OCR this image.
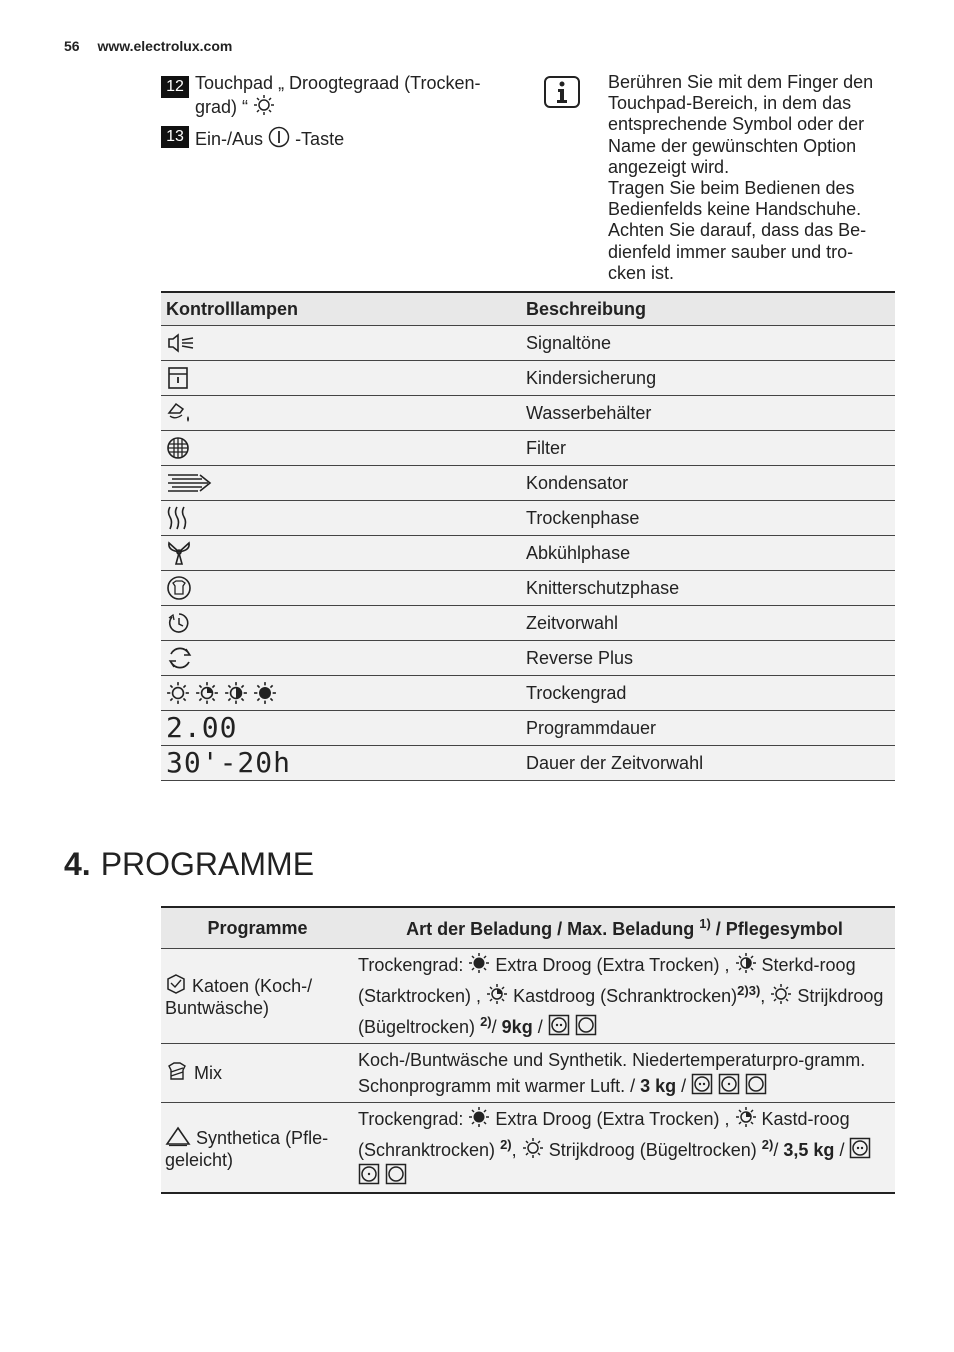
56 www.electrolux.com
12 Touchpad „ Droogtegraad (Trocken-grad) “
13 Ein-/Aus -Taste
Berühren Sie mit dem Finger den
Touchpad-Bereich, in dem das
entsprechende Symbol oder der
Name der gewünschten Option
angezeigt wird.
Tragen Sie beim Bedienen des
Bedienfelds keine Handschuhe.
Achten Sie darauf, dass das Be-
dienfeld immer sauber und tro-
cken ist.
Kontrolllampen	Beschreibung
	Signaltöne
	Kindersicherung
	Wasserbehälter
	Filter
	Kondensator
	Trockenphase
	Abkühlphase
	Knitterschutzphase
	Zeitvorwahl
	Reverse Plus
	Trockengrad
2.00	Programmdauer
30'-20h	Dauer der Zeitvorwahl
4. PROGRAMME
Programme	Art der Beladung / Max. Beladung $^{1)}$ / Pflegesymbol
Katoen (Koch-/ Buntwäsche)	Trockengrad: Extra Droog (Extra Trocken) , Sterkd-roog (Starktrocken) , Kastdroog (Schranktrocken)$^{2)3)}$, Strijkdroog (Bügeltrocken) $^{2)}$/ 9kg /
Mix	Koch-/Buntwäsche und Synthetik. Niedertemperaturpro-gramm. Schonprogramm mit warmer Luft. / 3 kg /
Synthetica (Pfle-geleicht)	Trockengrad: Extra Droog (Extra Trocken) , Kastd-roog (Schranktrocken) $^{2)}$, Strijkdroog (Bügeltrocken) $^{2)}$/ 3,5 kg /
